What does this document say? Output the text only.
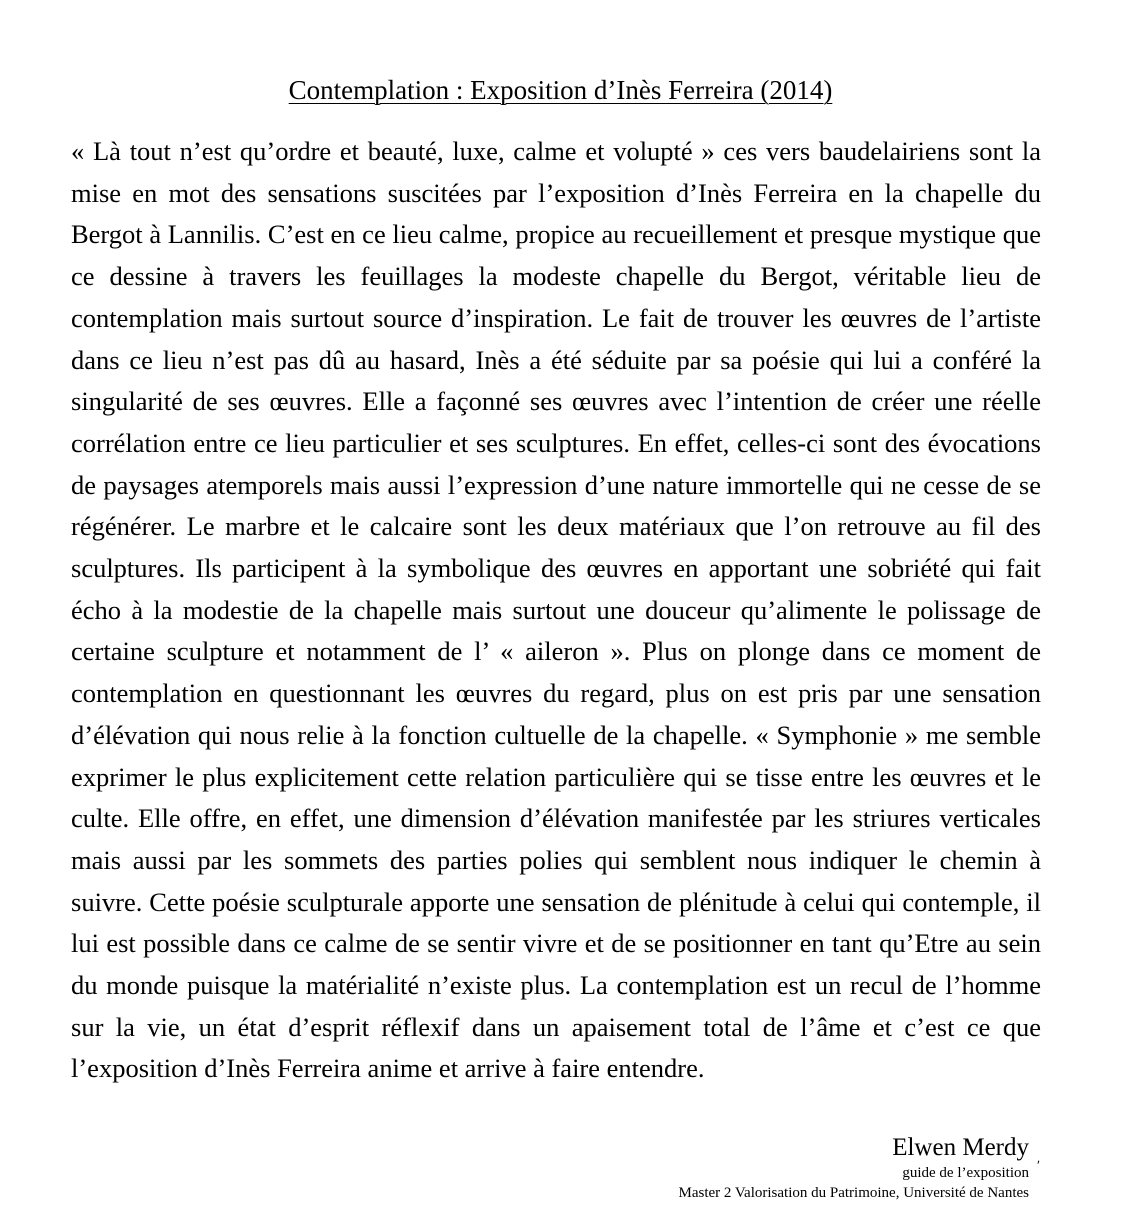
Contemplation : Exposition d’Inès Ferreira (2014)

« Là tout n’est qu’ordre et beauté, luxe, calme et volupté » ces vers baudelairiens sont la mise en mot des sensations suscitées par l’exposition d’Inès Ferreira en la chapelle du Bergot à Lannilis. C’est en ce lieu calme, propice au recueillement et presque mystique que ce dessine à travers les feuillages la modeste chapelle du Bergot, véritable lieu de contemplation mais surtout source d’inspiration. Le fait de trouver les œuvres de l’artiste dans ce lieu n’est pas dû au hasard, Inès a été séduite par sa poésie qui lui a conféré la singularité de ses œuvres. Elle a façonné ses œuvres avec l’intention de créer une réelle corrélation entre ce lieu particulier et ses sculptures. En effet, celles-ci sont des évocations de paysages atemporels mais aussi l’expression d’une nature immortelle qui ne cesse de se régénérer. Le marbre et le calcaire sont les deux matériaux que l’on retrouve au fil des sculptures. Ils participent à la symbolique des œuvres en apportant une sobriété qui fait écho à la modestie de la chapelle mais surtout une douceur qu’alimente le polissage de certaine sculpture et notamment de l’ « aileron ». Plus on plonge dans ce moment de contemplation en questionnant les œuvres du regard, plus on est pris par une sensation d’élévation qui nous relie à la fonction cultuelle de la chapelle. « Symphonie » me semble exprimer le plus explicitement cette relation particulière qui se tisse entre les œuvres et le culte. Elle offre, en effet, une dimension d’élévation manifestée par les striures verticales mais aussi par les sommets des parties polies qui semblent nous indiquer le chemin à suivre. Cette poésie sculpturale apporte une sensation de plénitude à celui qui contemple, il lui est possible dans ce calme de se sentir vivre et de se positionner en tant qu’Etre au sein du monde puisque la matérialité n’existe plus. La contemplation est un recul de l’homme sur la vie, un état d’esprit réflexif dans un apaisement total de l’âme et c’est ce que l’exposition d’Inès Ferreira anime et arrive à faire entendre.

Elwen Merdy
guide de l’exposition
Master 2 Valorisation du Patrimoine, Université de Nantes
ʹ
